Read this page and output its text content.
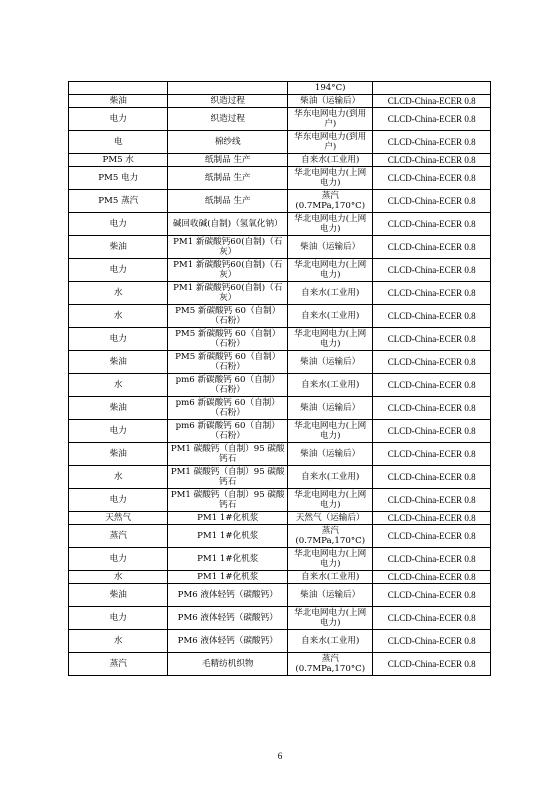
		194°C)	
柴油	织造过程	柴油（运输后）	CLCD-China-ECER 0.8
电力	织造过程	华东电网电力(到用户)	CLCD-China-ECER 0.8
电	棉纱线	华东电网电力(到用户)	CLCD-China-ECER 0.8
PM5 水	纸制品 生产	自来水(工业用)	CLCD-China-ECER 0.8
PM5 电力	纸制品 生产	华北电网电力(上网电力)	CLCD-China-ECER 0.8
PM5 蒸汽	纸制品 生产	蒸汽 (0.7MPa,170°C)	CLCD-China-ECER 0.8
电力	碱回收碱(自制)（氢氧化钠）	华北电网电力(上网电力)	CLCD-China-ECER 0.8
柴油	PM1 新碳酸钙60(自制)（石灰）	柴油（运输后）	CLCD-China-ECER 0.8
电力	PM1 新碳酸钙60(自制)（石灰）	华北电网电力(上网电力)	CLCD-China-ECER 0.8
水	PM1 新碳酸钙60(自制)（石灰）	自来水(工业用)	CLCD-China-ECER 0.8
水	PM5 新碳酸钙 60（自制）（石粉）	自来水(工业用)	CLCD-China-ECER 0.8
电力	PM5 新碳酸钙 60（自制）（石粉）	华北电网电力(上网电力)	CLCD-China-ECER 0.8
柴油	PM5 新碳酸钙 60（自制）（石粉）	柴油（运输后）	CLCD-China-ECER 0.8
水	pm6 新碳酸钙 60（自制）（石粉）	自来水(工业用)	CLCD-China-ECER 0.8
柴油	pm6 新碳酸钙 60（自制）（石粉）	柴油（运输后）	CLCD-China-ECER 0.8
电力	pm6 新碳酸钙 60（自制）（石粉）	华北电网电力(上网电力)	CLCD-China-ECER 0.8
柴油	PM1 碳酸钙（自制）95 碳酸钙石	柴油（运输后）	CLCD-China-ECER 0.8
水	PM1 碳酸钙（自制）95 碳酸钙石	自来水(工业用)	CLCD-China-ECER 0.8
电力	PM1 碳酸钙（自制）95 碳酸钙石	华北电网电力(上网电力)	CLCD-China-ECER 0.8
天然气	PM1 1#化机浆	天然气（运输后）	CLCD-China-ECER 0.8
蒸汽	PM1 1#化机浆	蒸汽 (0.7MPa,170°C)	CLCD-China-ECER 0.8
电力	PM1 1#化机浆	华北电网电力(上网电力)	CLCD-China-ECER 0.8
水	PM1 1#化机浆	自来水(工业用)	CLCD-China-ECER 0.8
柴油	PM6 液体轻钙（碳酸钙）	柴油（运输后）	CLCD-China-ECER 0.8
电力	PM6 液体轻钙（碳酸钙）	华北电网电力(上网电力)	CLCD-China-ECER 0.8
水	PM6 液体轻钙（碳酸钙）	自来水(工业用)	CLCD-China-ECER 0.8
蒸汽	毛精纺机织物	蒸汽 (0.7MPa,170°C)	CLCD-China-ECER 0.8
6
